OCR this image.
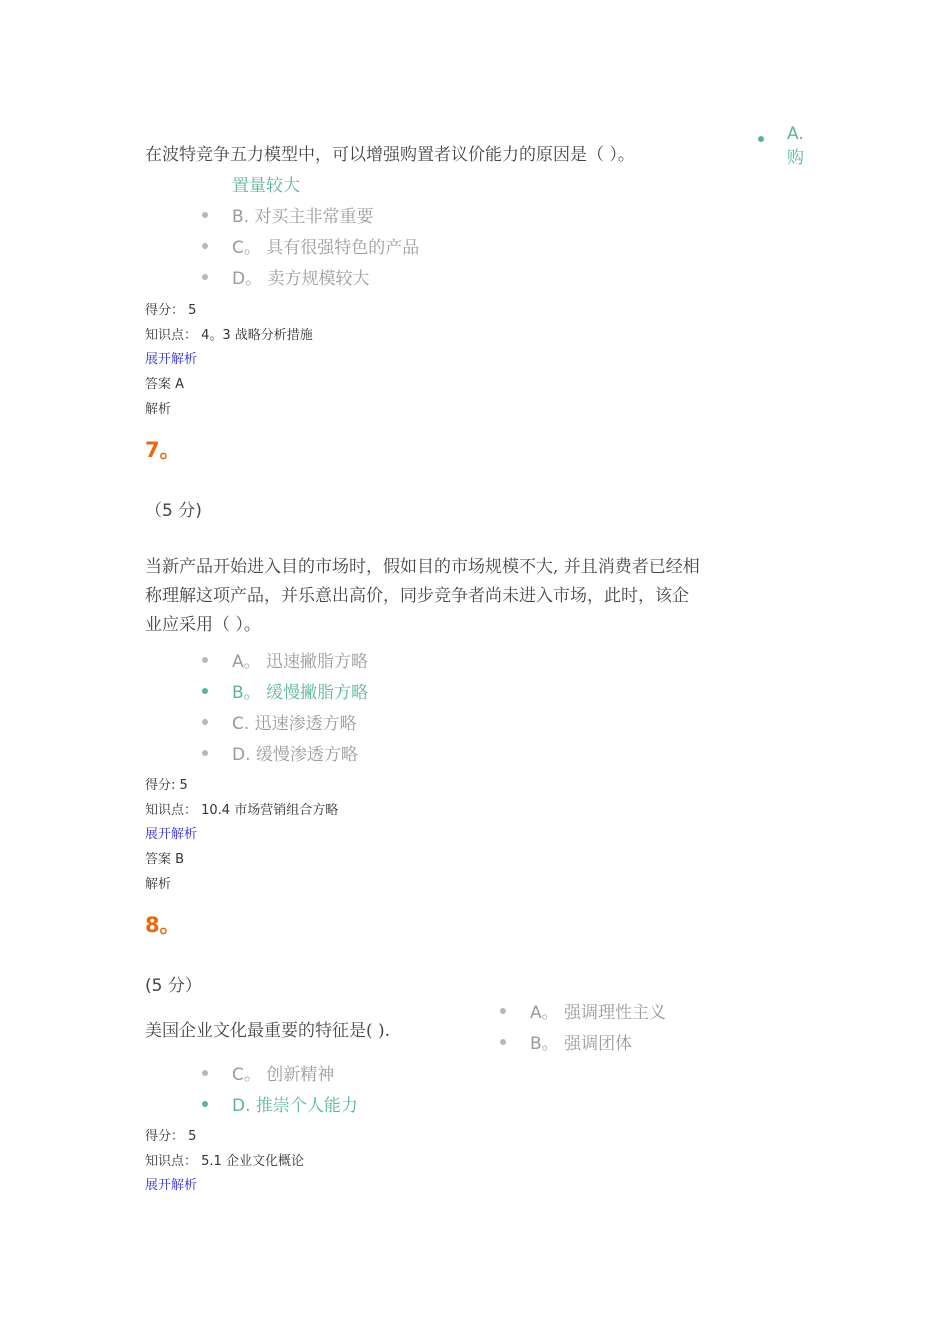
A.
购
在波特竞争五力模型中，可以增强购置者议价能力的原因是（ ）。
置量较大
B. 对买主非常重要
C。 具有很强特色的产品
D。 卖方规模较大
得分： 5
知识点： 4。3 战略分析措施
展开解析
答案 A
解析
7。
（5 分)
当新产品开始进入目的市场时，假如目的市场规模不大, 并且消费者已经相
称理解这项产品，并乐意出高价，同步竞争者尚未进入市场，此时，该企
业应采用（ ）。
A。 迅速撇脂方略
B。 缓慢撇脂方略
C. 迅速渗透方略
D. 缓慢渗透方略
得分: 5
知识点： 10.4 市场营销组合方略
展开解析
答案 B
解析
8。
(5 分）
美国企业文化最重要的特征是( ).
A。 强调理性主义
B。 强调团体
C。 创新精神
D. 推崇个人能力
得分： 5
知识点： 5.1 企业文化概论
展开解析
